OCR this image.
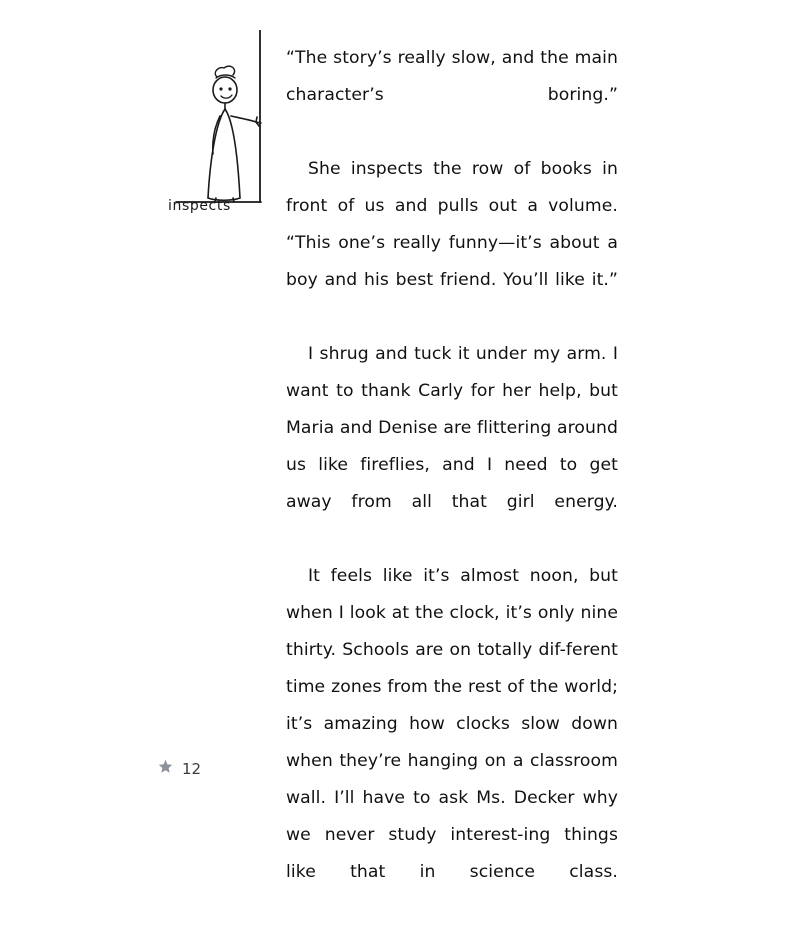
inspects

“The story’s really slow, and the main character’s boring.”

She inspects the row of books in front of us and pulls out a volume. “This one’s really funny—it’s about a boy and his best friend. You’ll like it.”

I shrug and tuck it under my arm. I want to thank Carly for her help, but Maria and Denise are flittering around us like fireflies, and I need to get away from all that girl energy.

It feels like it’s almost noon, but when I look at the clock, it’s only nine thirty. Schools are on totally dif-ferent time zones from the rest of the world; it’s amazing how clocks slow down when they’re hanging on a classroom wall. I’ll have to ask Ms. Decker why we never study interest-ing things like that in science class.

12
